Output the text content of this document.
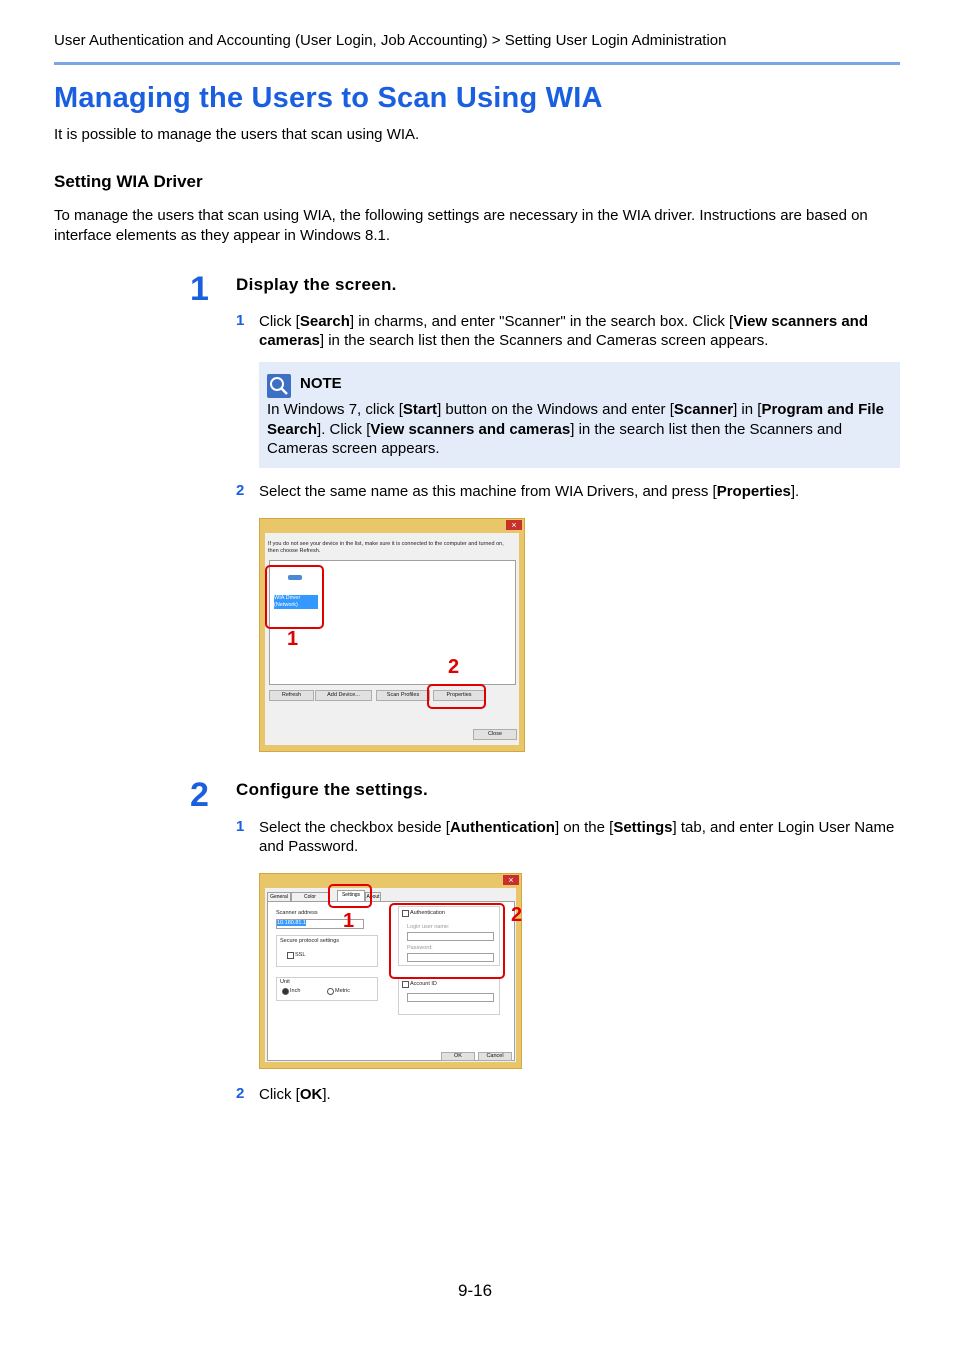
User Authentication and Accounting (User Login, Job Accounting) > Setting User Login Administration
Managing the Users to Scan Using WIA
It is possible to manage the users that scan using WIA.
Setting WIA Driver
To manage the users that scan using WIA, the following settings are necessary in the WIA driver. Instructions are based on interface elements as they appear in Windows 8.1.
1 Display the screen.
1 Click [Search] in charms, and enter "Scanner" in the search box. Click [View scanners and cameras] in the search list then the Scanners and Cameras screen appears.
NOTE
In Windows 7, click [Start] button on the Windows and enter [Scanner] in [Program and File Search]. Click [View scanners and cameras] in the search list then the Scanners and Cameras screen appears.
2 Select the same name as this machine from WIA Drivers, and press [Properties].
×
If you do not see your device in the list, make sure it is connected to the computer and turned on, then choose Refresh.
WIA Driver (Network)
Refresh	Add Device...	Scan Profiles	Properties
Close
1
2
2 Configure the settings.
1 Select the checkbox beside [Authentication] on the [Settings] tab, and enter Login User Name and Password.
×
General	Color	Settings	About
Scanner address
10.180.81.1
Secure protocol settings
SSL
Unit
Inch	Metric
Authentication
Login user name:
Password:
Account ID
OK	Cancel
1	2
2 Click [OK].
9-16
